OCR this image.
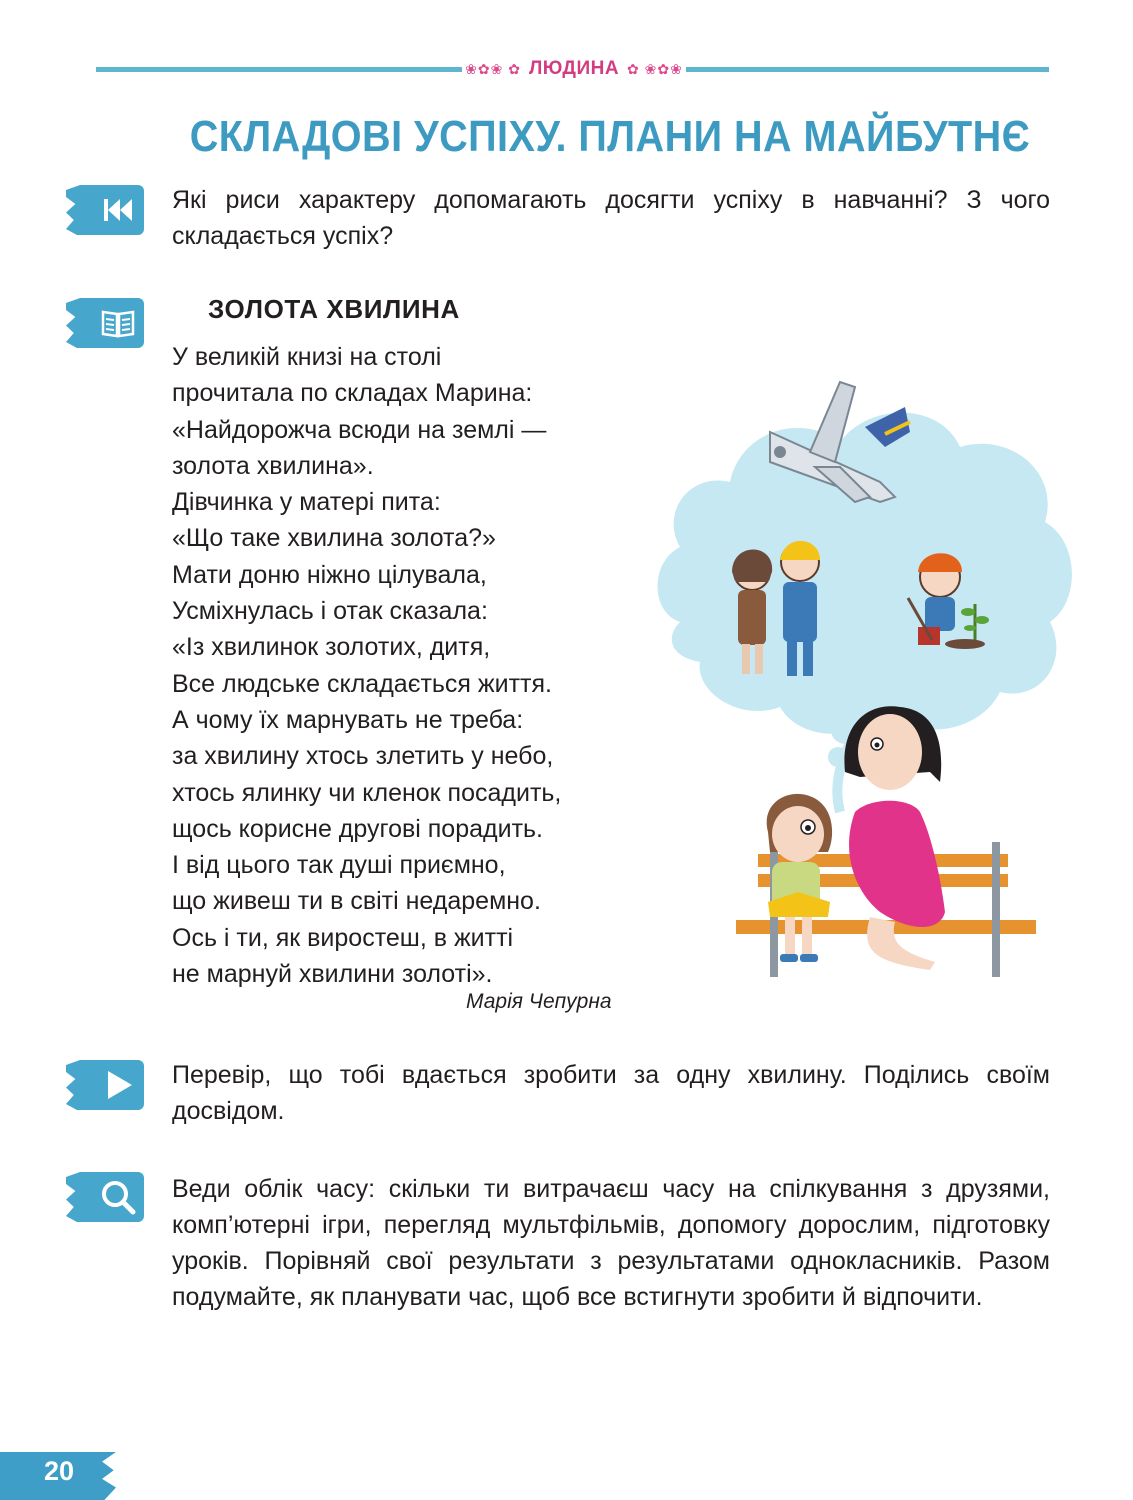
❀✿❀ ✿ ЛЮДИНА ✿ ❀✿❀
СКЛАДОВІ УСПІХУ. ПЛАНИ НА МАЙБУТНЄ
Які риси характеру допомагають досягти успіху в навчанні? З чого складається успіх?
ЗОЛОТА ХВИЛИНА
У великій книзі на столі
прочитала по складах Марина:
«Найдорожча всюди на землі —
золота хвилина».
Дівчинка у матері пита:
«Що таке хвилина золота?»
Мати доню ніжно цілувала,
Усміхнулась і отак сказала:
«Із хвилинок золотих, дитя,
Все людське складається життя.
А чому їх марнувать не треба:
за хвилину хтось злетить у небо,
хтось ялинку чи кленок посадить,
щось корисне другові порадить.
І від цього так душі приємно,
що живеш ти в світі недаремно.
Ось і ти, як виростеш, в житті
не марнуй хвилини золоті».
Марія Чепурна
Перевір, що тобі вдається зробити за одну хвилину. Поділись своїм досвідом.
Веди облік часу: скільки ти витрачаєш часу на спілкування з друзями, комп’ютерні ігри, перегляд мультфільмів, допомогу дорослим, підготовку уроків. Порівняй свої результати з результатами однокласників. Разом подумайте, як планувати час, щоб все встигнути зробити й відпочити.
20
